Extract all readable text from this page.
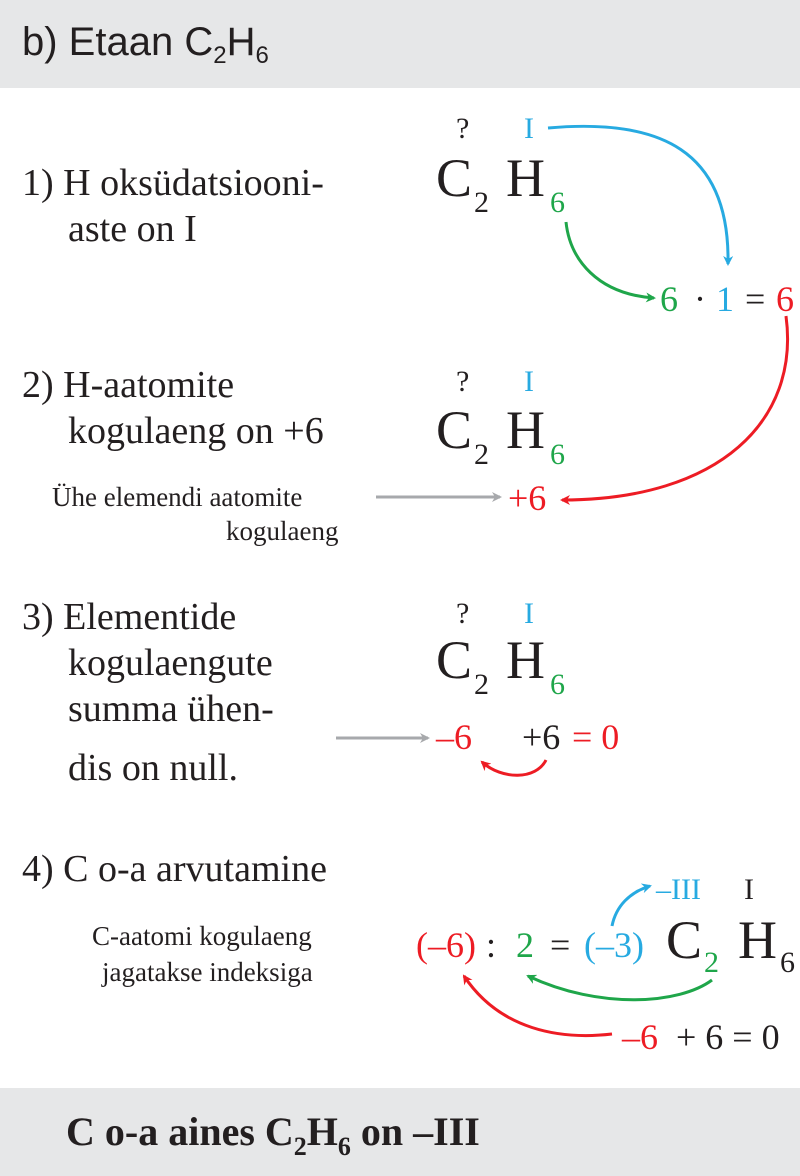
b) Etaan $C_2H_6$
1) H oksüdatsiooni-
aste on I
? I
C 2 H 6
6 · 1 = 6
2) H-aatomite
kogulaeng on +6
? I
C 2 H 6
Ühe elemendi aatomite
kogulaeng
+6
3) Elementide
kogulaengute
summa ühen-
dis on null.
? I
C 2 H 6
–6 +6 = 0
4) C o-a arvutamine
C-aatomi kogulaeng
jagatakse indeksiga
–III I
(–6) : 2 = (–3) C 2 H 6
–6 + 6 = 0
C o-a aines $C_2H_6$ on –III
